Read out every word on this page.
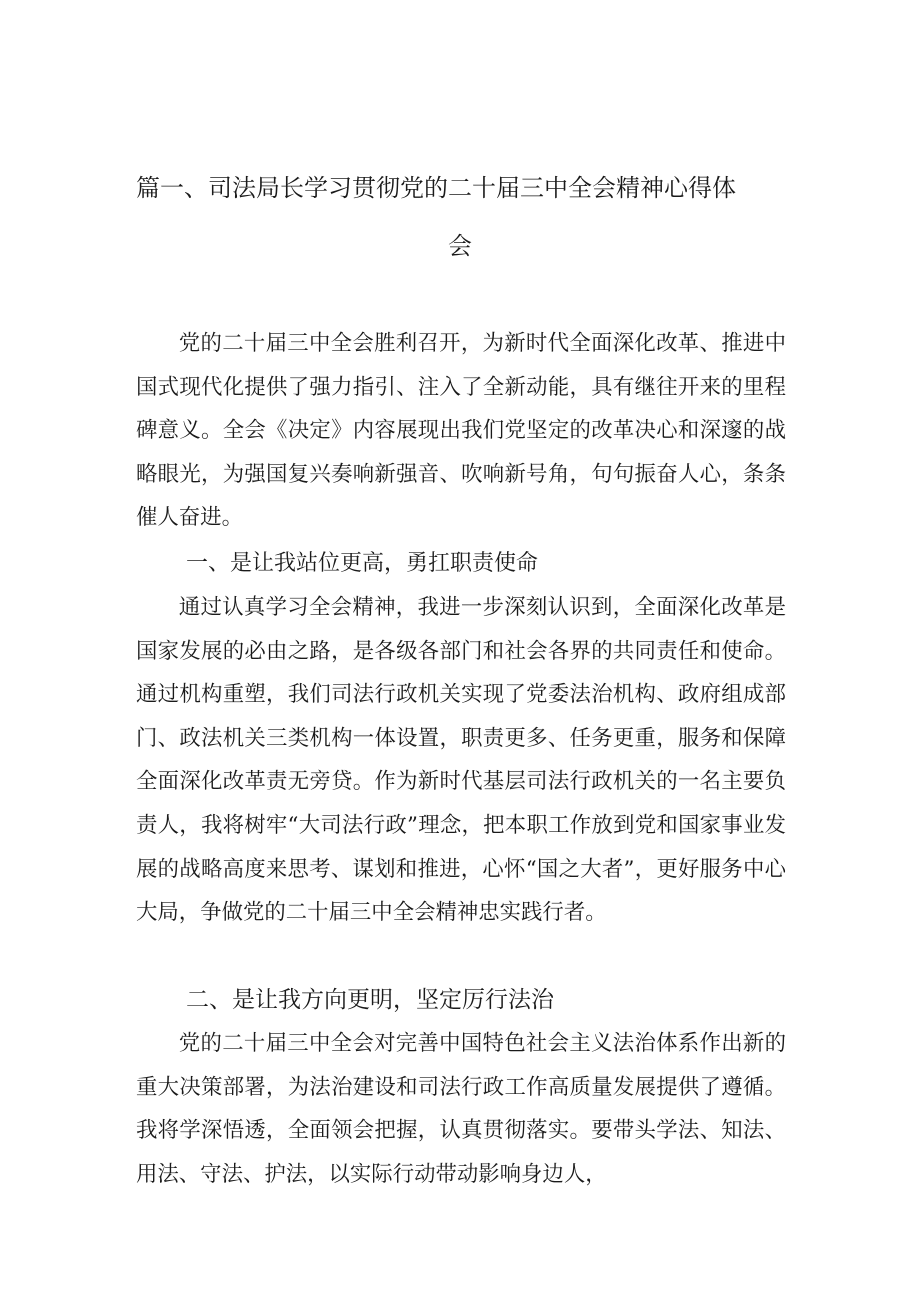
篇一、司法局长学习贯彻党的二十届三中全会精神心得体
会

党的二十届三中全会胜利召开，为新时代全面深化改革、推进中国式现代化提供了强力指引、注入了全新动能，具有继往开来的里程碑意义。全会《决定》内容展现出我们党坚定的改革决心和深邃的战略眼光，为强国复兴奏响新强音、吹响新号角，句句振奋人心，条条催人奋进。

一、是让我站位更高，勇扛职责使命

通过认真学习全会精神，我进一步深刻认识到，全面深化改革是国家发展的必由之路，是各级各部门和社会各界的共同责任和使命。通过机构重塑，我们司法行政机关实现了党委法治机构、政府组成部门、政法机关三类机构一体设置，职责更多、任务更重，服务和保障全面深化改革责无旁贷。作为新时代基层司法行政机关的一名主要负责人，我将树牢“大司法行政”理念，把本职工作放到党和国家事业发展的战略高度来思考、谋划和推进，心怀“国之大者”，更好服务中心大局，争做党的二十届三中全会精神忠实践行者。

二、是让我方向更明，坚定厉行法治

党的二十届三中全会对完善中国特色社会主义法治体系作出新的重大决策部署，为法治建设和司法行政工作高质量发展提供了遵循。我将学深悟透，全面领会把握，认真贯彻落实。要带头学法、知法、用法、守法、护法，以实际行动带动影响身边人，
